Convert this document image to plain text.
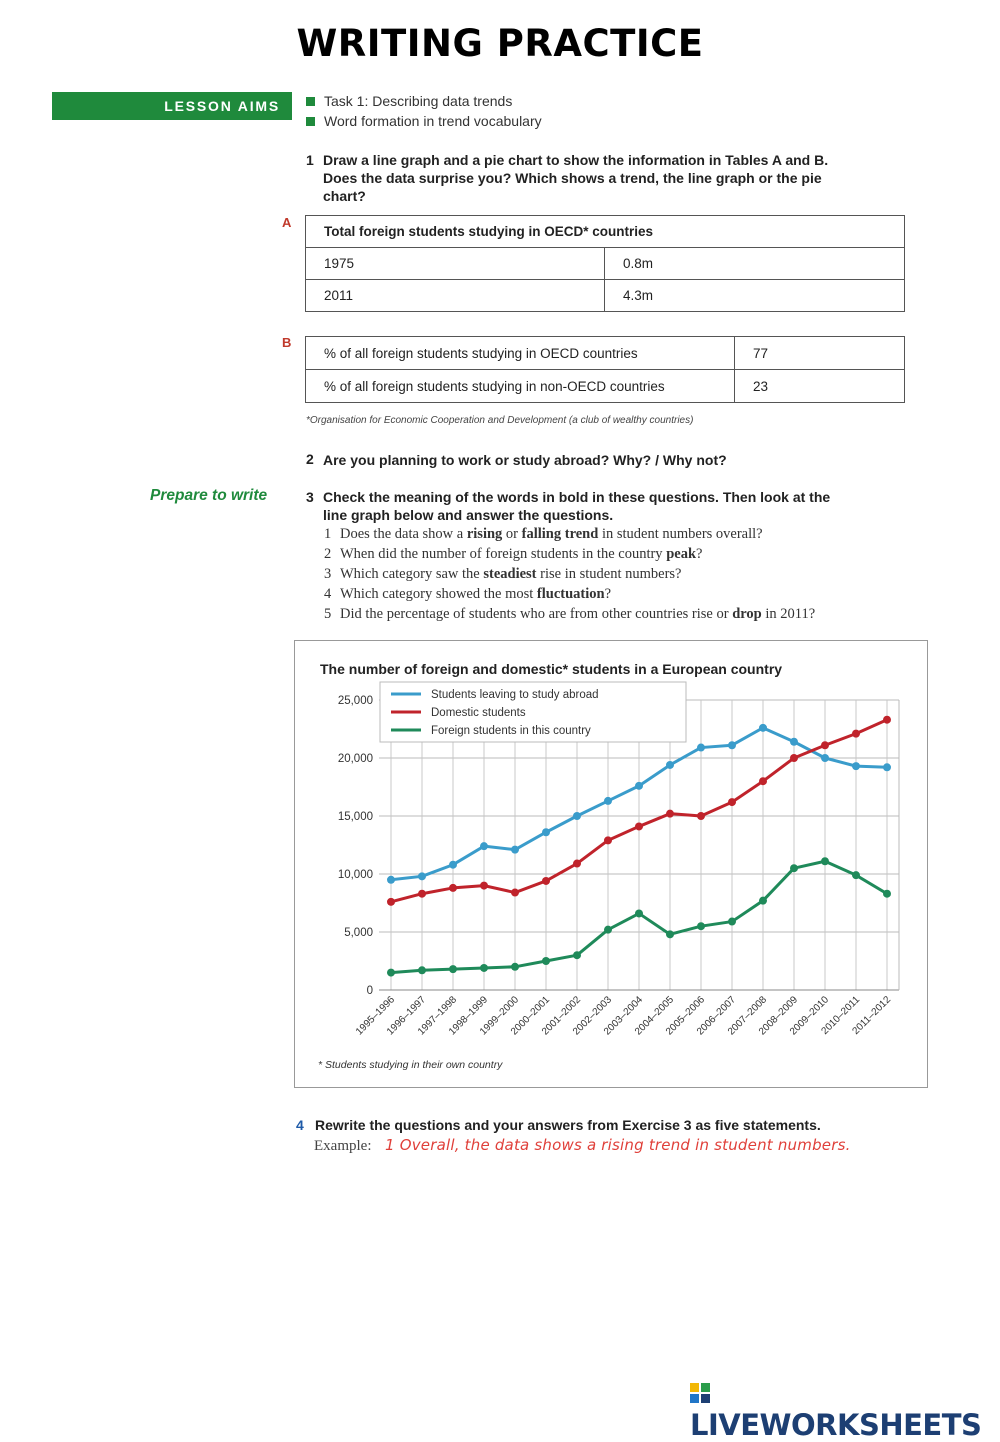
WRITING PRACTICE
LESSON AIMS	Task 1: Describing data trends
Word formation in trend vocabulary
1 Draw a line graph and a pie chart to show the information in Tables A and B.
Does the data surprise you? Which shows a trend, the line graph or the pie
chart?
A
Total foreign students studying in OECD* countries	
1975	0.8m
2011	4.3m
B
% of all foreign students studying in OECD countries	77
% of all foreign students studying in non-OECD countries	23
*Organisation for Economic Cooperation and Development (a club of wealthy countries)
2 Are you planning to work or study abroad? Why? / Why not?
Prepare to write	3 Check the meaning of the words in bold in these questions. Then look at the
line graph below and answer the questions.
1 Does the data show a rising or falling trend in student numbers overall?
2 When did the number of foreign students in the country peak?
3 Which category saw the steadiest rise in student numbers?
4 Which category showed the most fluctuation?
5 Did the percentage of students who are from other countries rise or drop in 2011?
The number of foreign and domestic* students in a European country
0
5,000
10,000
15,000
20,000
25,000
1995–1996
1996–1997
1997–1998
1998–1999
1999–2000
2000–2001
2001–2002
2002–2003
2003–2004
2004–2005
2005–2006
2006–2007
2007–2008
2008–2009
2009–2010
2010–2011
2011–2012
Students leaving to study abroad
Domestic students
Foreign students in this country
* Students studying in their own country
4 Rewrite the questions and your answers from Exercise 3 as five statements.
Example: 1 Overall, the data shows a rising trend in student numbers.
LIVEWORKSHEETS
